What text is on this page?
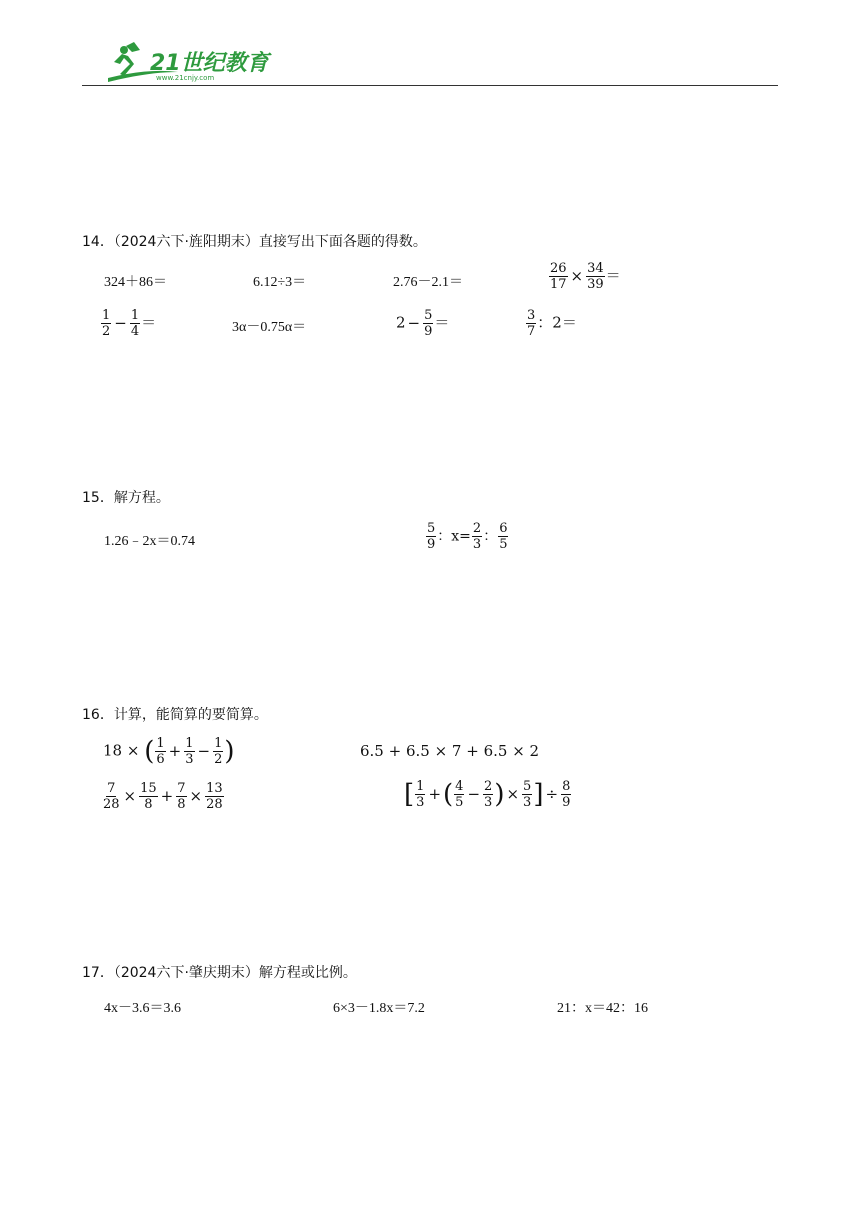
21世纪教育
www.21cnjy.com
14．（2024六下·旌阳期末）直接写出下面各题的得数。
324＋86＝	6.12÷3＝	2.76－2.1＝	$\frac{26}{17} \times \frac{34}{39}$ ＝
$\frac{1}{2} - \frac{1}{4}$ ＝	3α－0.75α＝	$2 - \frac{5}{9}$ ＝	$\frac{3}{7}$ ：2＝
15．解方程。
1.26﹣2x＝0.74	$\frac{5}{9}$ ：$x= \frac{2}{3}$ ： $\frac{6}{5}$
16．计算，能简算的要简算。
18 × ( $\frac{1}{6} + \frac{1}{3} - \frac{1}{2}$ )	6.5 + 6.5 × 7 + 6.5 × 2
$\frac{7}{28} \times \frac{15}{8} + \frac{7}{8} \times \frac{13}{28}$	[ $\frac{1}{3}$ +( $\frac{4}{5} - \frac{2}{3}$ ) × $\frac{5}{3}$ ] ÷ $\frac{8}{9}$
17．（2024六下·肇庆期末）解方程或比例。
4x－3.6＝3.6	6×3－1.8x＝7.2	21：x＝42：16
